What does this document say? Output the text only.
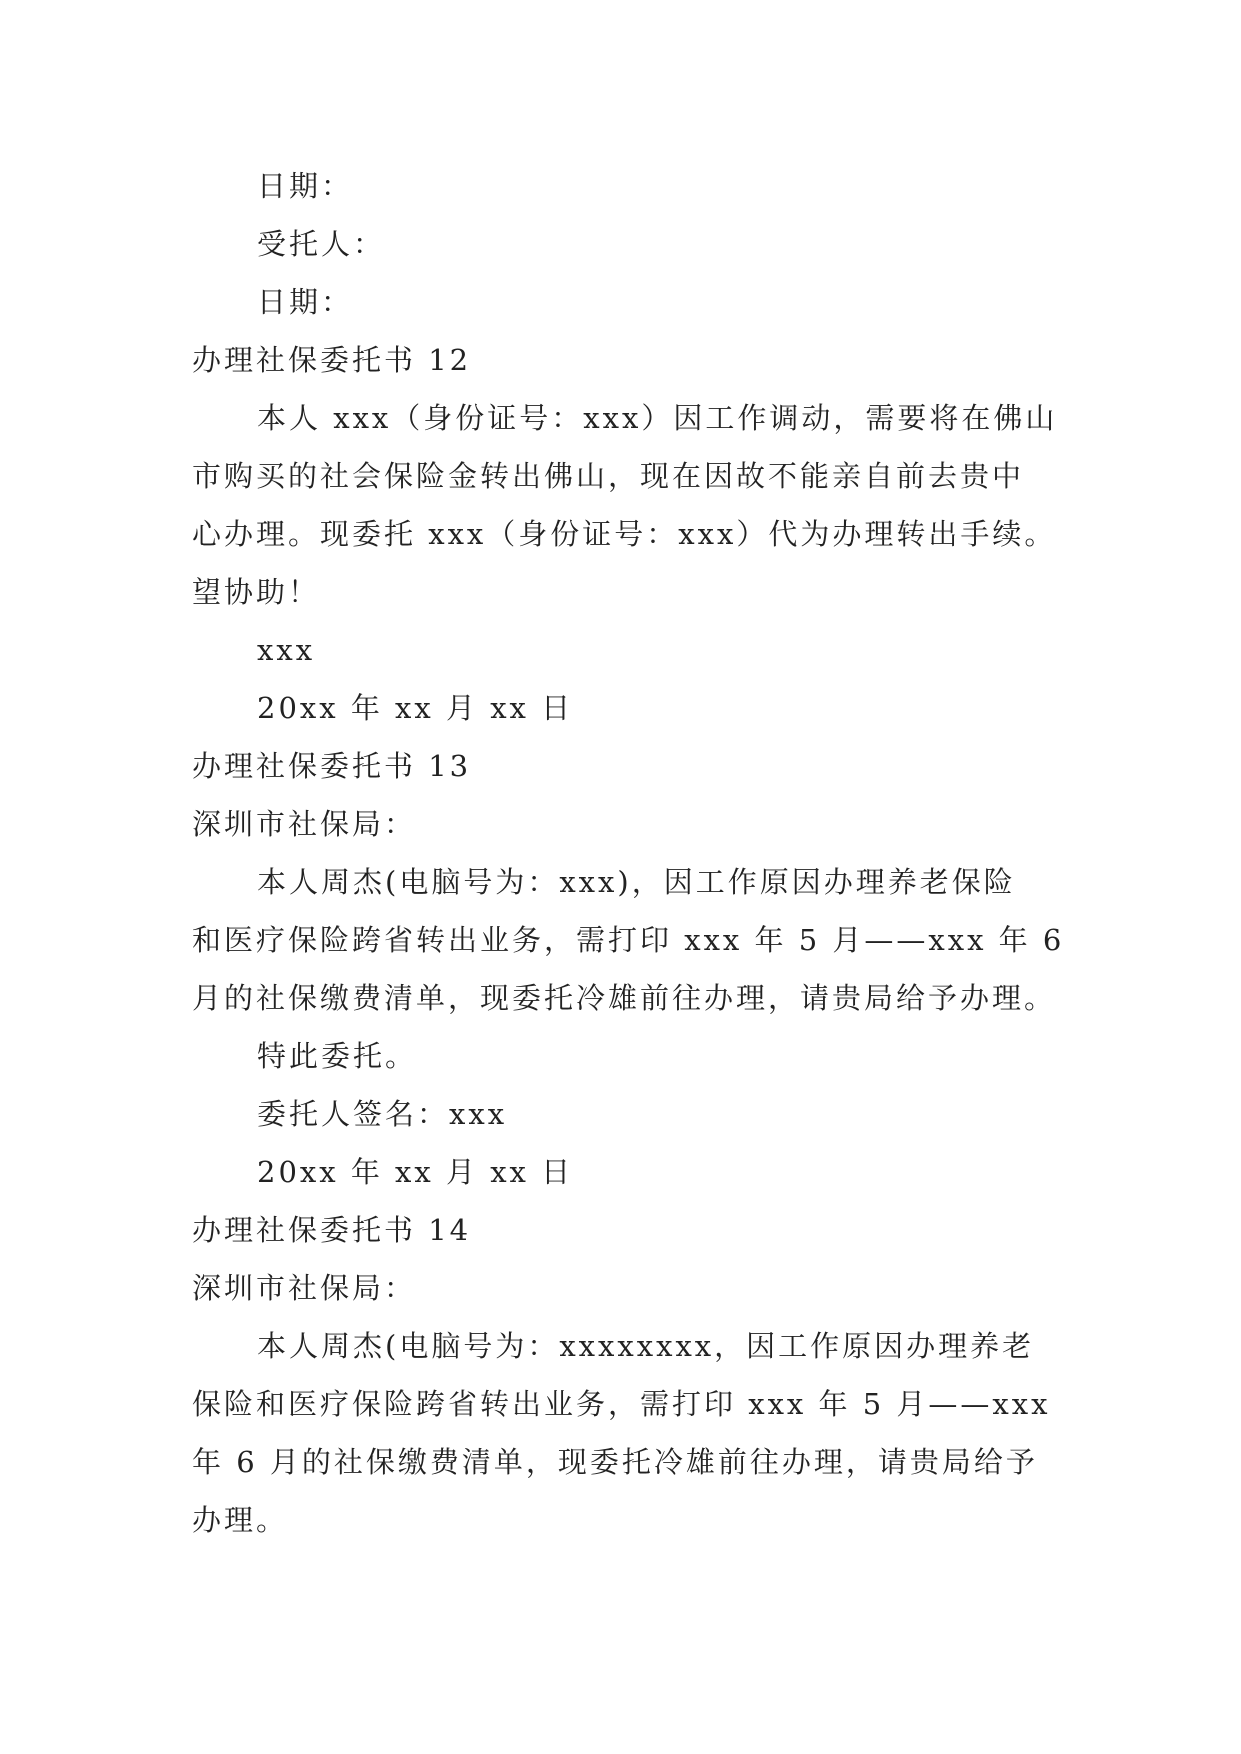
日期：
受托人：
日期：
办理社保委托书 12
本人 xxx（身份证号：xxx）因工作调动，需要将在佛山
市购买的社会保险金转出佛山，现在因故不能亲自前去贵中
心办理。现委托 xxx（身份证号：xxx）代为办理转出手续。
望协助！
xxx
20xx 年 xx 月 xx 日
办理社保委托书 13
深圳市社保局：
本人周杰(电脑号为：xxx)，因工作原因办理养老保险
和医疗保险跨省转出业务，需打印 xxx 年 5 月——xxx 年 6
月的社保缴费清单，现委托冷雄前往办理，请贵局给予办理。
特此委托。
委托人签名：xxx
20xx 年 xx 月 xx 日
办理社保委托书 14
深圳市社保局：
本人周杰(电脑号为：xxxxxxxx，因工作原因办理养老
保险和医疗保险跨省转出业务，需打印 xxx 年 5 月——xxx
年 6 月的社保缴费清单，现委托冷雄前往办理，请贵局给予
办理。
